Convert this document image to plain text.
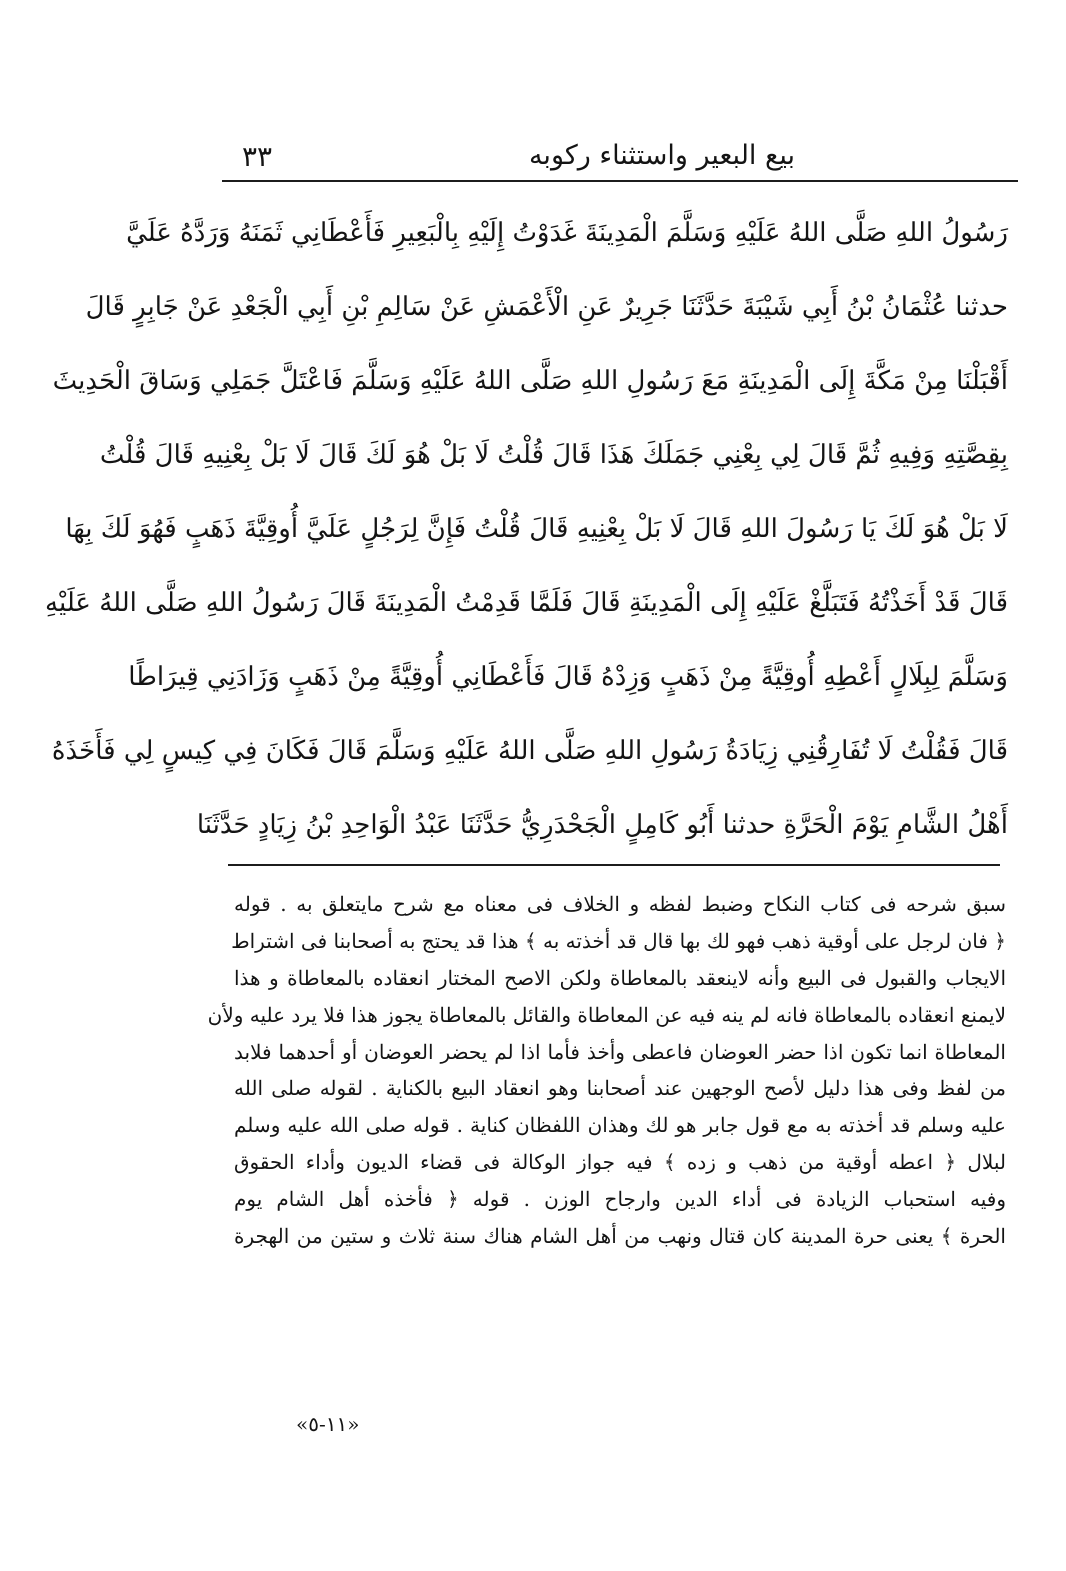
٣٣	بيع البعير واستثناء ركوبه
رَسُولُ اللهِ صَلَّى اللهُ عَلَيْهِ وَسَلَّمَ الْمَدِينَةَ غَدَوْتُ إِلَيْهِ بِالْبَعِيرِ فَأَعْطَانِي ثَمَنَهُ وَرَدَّهُ عَلَيَّ
حدثنا عُثْمَانُ بْنُ أَبِي شَيْبَةَ حَدَّثَنَا جَرِيرٌ عَنِ الْأَعْمَشِ عَنْ سَالِمِ بْنِ أَبِي الْجَعْدِ عَنْ جَابِرٍ قَالَ
أَقْبَلْنَا مِنْ مَكَّةَ إِلَى الْمَدِينَةِ مَعَ رَسُولِ اللهِ صَلَّى اللهُ عَلَيْهِ وَسَلَّمَ فَاعْتَلَّ جَمَلِي وَسَاقَ الْحَدِيثَ
بِقِصَّتِهِ وَفِيهِ ثُمَّ قَالَ لِي بِعْنِي جَمَلَكَ هَذَا قَالَ قُلْتُ لَا بَلْ هُوَ لَكَ قَالَ لَا بَلْ بِعْنِيهِ قَالَ قُلْتُ
لَا بَلْ هُوَ لَكَ يَا رَسُولَ اللهِ قَالَ لَا بَلْ بِعْنِيهِ قَالَ قُلْتُ فَإِنَّ لِرَجُلٍ عَلَيَّ أُوقِيَّةَ ذَهَبٍ فَهُوَ لَكَ بِهَا
قَالَ قَدْ أَخَذْتُهُ فَتَبَلَّغْ عَلَيْهِ إِلَى الْمَدِينَةِ قَالَ فَلَمَّا قَدِمْتُ الْمَدِينَةَ قَالَ رَسُولُ اللهِ صَلَّى اللهُ عَلَيْهِ
وَسَلَّمَ لِبِلَالٍ أَعْطِهِ أُوقِيَّةً مِنْ ذَهَبٍ وَزِدْهُ قَالَ فَأَعْطَانِي أُوقِيَّةً مِنْ ذَهَبٍ وَزَادَنِي قِيرَاطًا
قَالَ فَقُلْتُ لَا تُفَارِقُنِي زِيَادَةُ رَسُولِ اللهِ صَلَّى اللهُ عَلَيْهِ وَسَلَّمَ قَالَ فَكَانَ فِي كِيسٍ لِي فَأَخَذَهُ
أَهْلُ الشَّامِ يَوْمَ الْحَرَّةِ حدثنا أَبُو كَامِلٍ الْجَحْدَرِيُّ حَدَّثَنَا عَبْدُ الْوَاحِدِ بْنُ زِيَادٍ حَدَّثَنَا
سبق شرحه فى كتاب النكاح وضبط لفظه و الخلاف فى معناه مع شرح مايتعلق به . قوله
﴿ فان لرجل على أوقية ذهب فهو لك بها قال قد أخذته به ﴾ هذا قد يحتج به أصحابنا فى اشتراط
الايجاب والقبول فى البيع وأنه لاينعقد بالمعاطاة ولكن الاصح المختار انعقاده بالمعاطاة و هذا
لايمنع انعقاده بالمعاطاة فانه لم ينه فيه عن المعاطاة والقائل بالمعاطاة يجوز هذا فلا يرد عليه ولأن
المعاطاة انما تكون اذا حضر العوضان فاعطى وأخذ فأما اذا لم يحضر العوضان أو أحدهما فلابد
من لفظ وفى هذا دليل لأصح الوجهين عند أصحابنا وهو انعقاد البيع بالكناية . لقوله صلى الله
عليه وسلم قد أخذته به مع قول جابر هو لك وهذان اللفظان كناية . قوله صلى الله عليه وسلم
لبلال ﴿ اعطه أوقية من ذهب و زده ﴾ فيه جواز الوكالة فى قضاء الديون وأداء الحقوق
وفيه استحباب الزيادة فى أداء الدين وارجاح الوزن . قوله ﴿ فأخذه أهل الشام يوم
الحرة ﴾ يعنى حرة المدينة كان قتال ونهب من أهل الشام هناك سنة ثلاث و ستين من الهجرة
«١١-٥»
